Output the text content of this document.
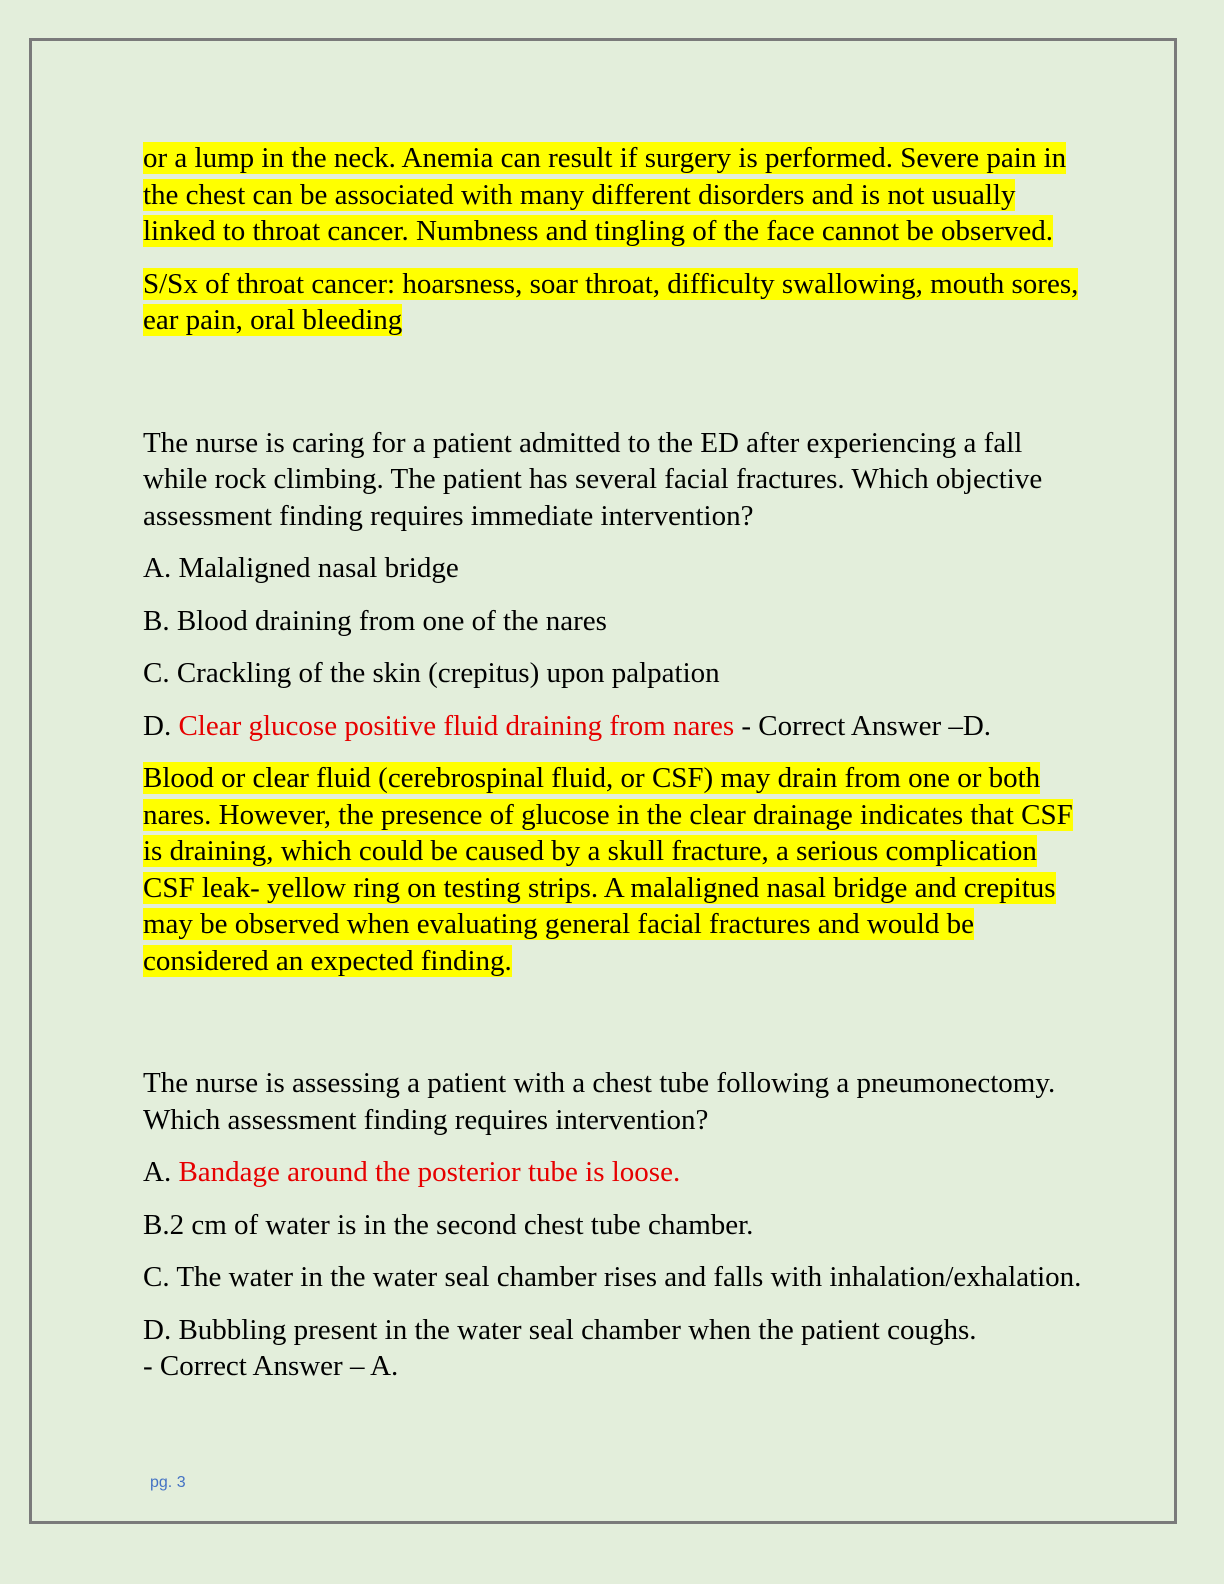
or a lump in the neck. Anemia can result if surgery is performed. Severe pain in the chest can be associated with many different disorders and is not usually linked to throat cancer. Numbness and tingling of the face cannot be observed.

S/Sx of throat cancer: hoarsness, soar throat, difficulty swallowing, mouth sores, ear pain, oral bleeding

The nurse is caring for a patient admitted to the ED after experiencing a fall while rock climbing. The patient has several facial fractures. Which objective assessment finding requires immediate intervention?

A. Malaligned nasal bridge

B. Blood draining from one of the nares

C. Crackling of the skin (crepitus) upon palpation

D. Clear glucose positive fluid draining from nares - Correct Answer –D.

Blood or clear fluid (cerebrospinal fluid, or CSF) may drain from one or both nares. However, the presence of glucose in the clear drainage indicates that CSF is draining, which could be caused by a skull fracture, a serious complication CSF leak- yellow ring on testing strips. A malaligned nasal bridge and crepitus may be observed when evaluating general facial fractures and would be considered an expected finding.

The nurse is assessing a patient with a chest tube following a pneumonectomy. Which assessment finding requires intervention?

A. Bandage around the posterior tube is loose.

B.2 cm of water is in the second chest tube chamber.

C. The water in the water seal chamber rises and falls with inhalation/exhalation.

D. Bubbling present in the water seal chamber when the patient coughs.
- Correct Answer – A.

pg. 3
